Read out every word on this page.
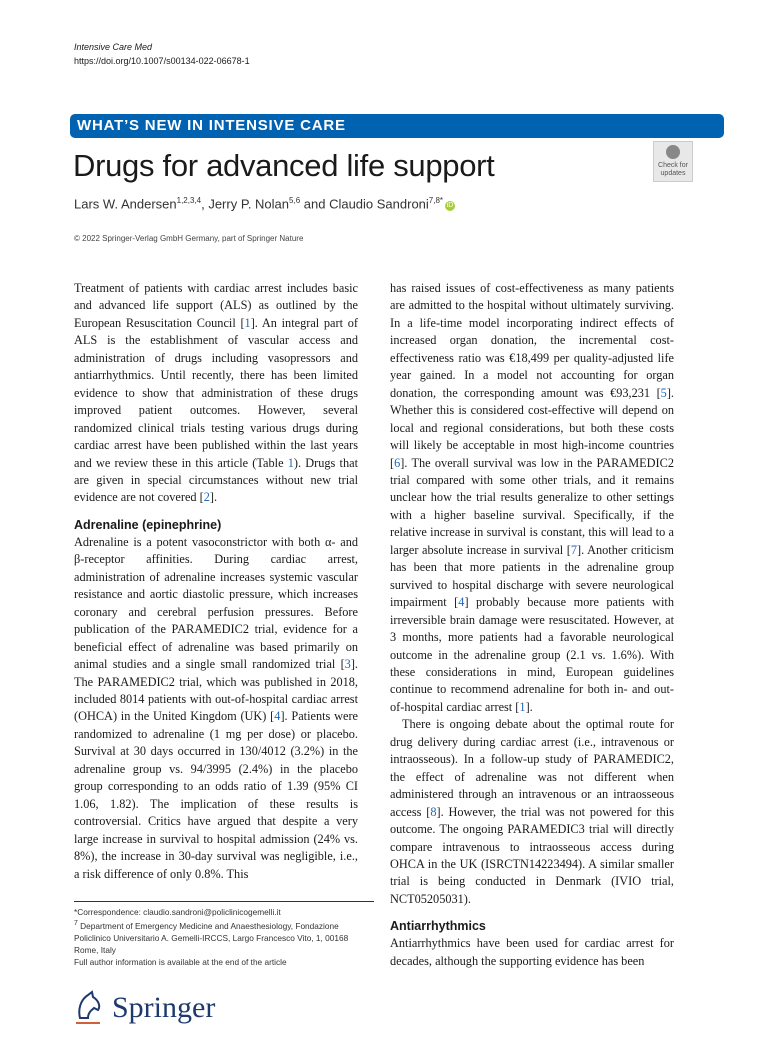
Intensive Care Med
https://doi.org/10.1007/s00134-022-06678-1
WHAT’S NEW IN INTENSIVE CARE
Drugs for advanced life support	Check for
updates
Lars W. Andersen$^{1,2,3,4}$, Jerry P. Nolan$^{5,6}$ and Claudio Sandroni$^{7,8*}$iD
© 2022 Springer-Verlag GmbH Germany, part of Springer Nature

Treatment of patients with cardiac arrest includes basic and advanced life support (ALS) as outlined by the European Resuscitation Council [1]. An integral part of ALS is the establishment of vascular access and administration of drugs including vasopressors and antiarrhythmics. Until recently, there has been limited evidence to show that administration of these drugs improved patient outcomes. However, several randomized clinical trials testing various drugs during cardiac arrest have been published within the last years and we review these in this article (Table 1). Drugs that are given in special circumstances without new trial evidence are not covered [2].

Adrenaline (epinephrine)

Adrenaline is a potent vasoconstrictor with both α- and β-receptor affinities. During cardiac arrest, administration of adrenaline increases systemic vascular resistance and aortic diastolic pressure, which increases coronary and cerebral perfusion pressures. Before publication of the PARAMEDIC2 trial, evidence for a beneficial effect of adrenaline was based primarily on animal studies and a single small randomized trial [3]. The PARAMEDIC2 trial, which was published in 2018, included 8014 patients with out-of-hospital cardiac arrest (OHCA) in the United Kingdom (UK) [4]. Patients were randomized to adrenaline (1 mg per dose) or placebo. Survival at 30 days occurred in 130/4012 (3.2%) in the adrenaline group vs. 94/3995 (2.4%) in the placebo group corresponding to an odds ratio of 1.39 (95% CI 1.06, 1.82). The implication of these results is controversial. Critics have argued that despite a very large increase in survival to hospital admission (24% vs. 8%), the increase in 30-day survival was negligible, i.e., a risk difference of only 0.8%. This

*Correspondence: claudio.sandroni@policlinicogemelli.it
$^7$ Department of Emergency Medicine and Anaesthesiology, Fondazione Policlinico Universitario A. Gemelli-IRCCS, Largo Francesco Vito, 1, 00168 Rome, Italy
Full author information is available at the end of the article
Springer

has raised issues of cost-effectiveness as many patients are admitted to the hospital without ultimately surviving. In a life-time model incorporating indirect effects of increased organ donation, the incremental cost-effectiveness ratio was €18,499 per quality-adjusted life year gained. In a model not accounting for organ donation, the corresponding amount was €93,231 [5]. Whether this is considered cost-effective will depend on local and regional considerations, but both these costs will likely be acceptable in most high-income countries [6]. The overall survival was low in the PARAMEDIC2 trial compared with some other trials, and it remains unclear how the trial results generalize to other settings with a higher baseline survival. Specifically, if the relative increase in survival is constant, this will lead to a larger absolute increase in survival [7]. Another criticism has been that more patients in the adrenaline group survived to hospital discharge with severe neurological impairment [4] probably because more patients with irreversible brain damage were resuscitated. However, at 3 months, more patients had a favorable neurological outcome in the adrenaline group (2.1 vs. 1.6%). With these considerations in mind, European guidelines continue to recommend adrenaline for both in- and out-of-hospital cardiac arrest [1].

There is ongoing debate about the optimal route for drug delivery during cardiac arrest (i.e., intravenous or intraosseous). In a follow-up study of PARAMEDIC2, the effect of adrenaline was not different when administered through an intravenous or an intraosseous access [8]. However, the trial was not powered for this outcome. The ongoing PARAMEDIC3 trial will directly compare intravenous to intraosseous access during OHCA in the UK (ISRCTN14223494). A similar smaller trial is being conducted in Denmark (IVIO trial, NCT05205031).

Antiarrhythmics

Antiarrhythmics have been used for cardiac arrest for decades, although the supporting evidence has been
